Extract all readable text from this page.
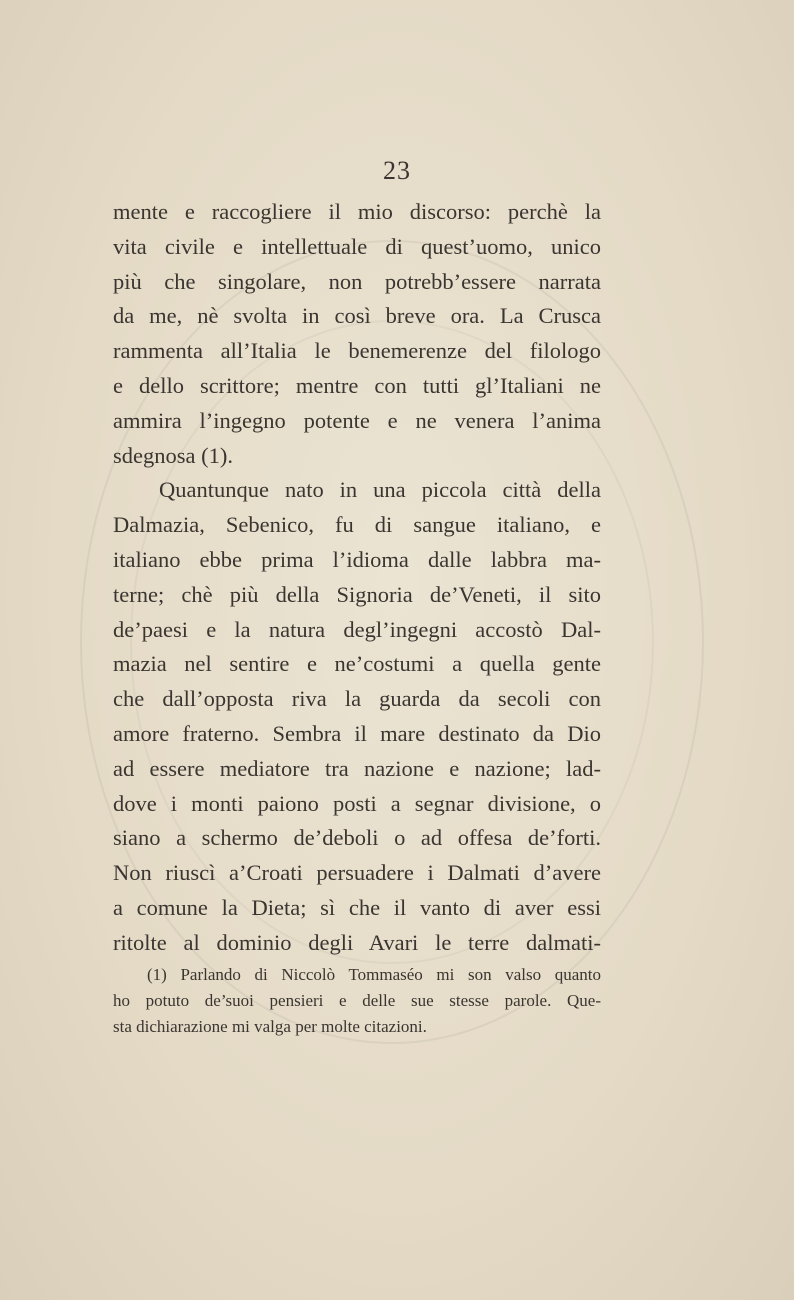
23
mente e raccogliere il mio discorso: perchè la
vita civile e intellettuale di quest’uomo, unico
più che singolare, non potrebb’essere narrata
da me, nè svolta in così breve ora. La Crusca
rammenta all’Italia le benemerenze del filologo
e dello scrittore; mentre con tutti gl’Italiani ne
ammira l’ingegno potente e ne venera l’anima
sdegnosa (1).
Quantunque nato in una piccola città della
Dalmazia, Sebenico, fu di sangue italiano, e
italiano ebbe prima l’idioma dalle labbra ma-
terne; chè più della Signoria de’Veneti, il sito
de’paesi e la natura degl’ingegni accostò Dal-
mazia nel sentire e ne’costumi a quella gente
che dall’opposta riva la guarda da secoli con
amore fraterno. Sembra il mare destinato da Dio
ad essere mediatore tra nazione e nazione; lad-
dove i monti paiono posti a segnar divisione, o
siano a schermo de’deboli o ad offesa de’forti.
Non riuscì a’Croati persuadere i Dalmati d’avere
a comune la Dieta; sì che il vanto di aver essi
ritolte al dominio degli Avari le terre dalmati-
(1) Parlando di Niccolò Tommaséo mi son valso quanto
ho potuto de’suoi pensieri e delle sue stesse parole. Que-
sta dichiarazione mi valga per molte citazioni.
